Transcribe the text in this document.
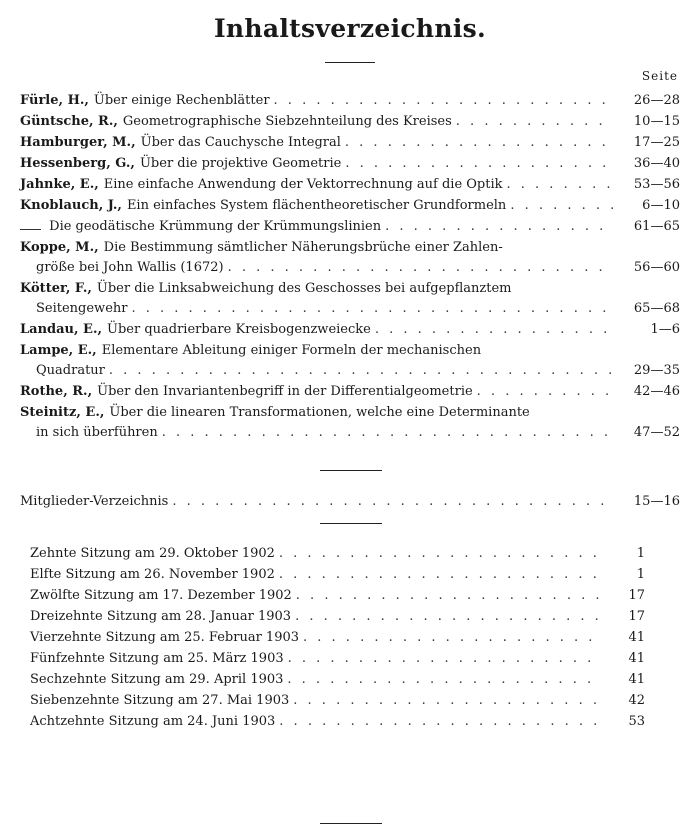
Inhaltsverzeichnis.
Seite
Fürle, H., Über einige Rechenblätter . . .	26—28
Güntsche, R., Geometrographische Siebzehnteilung des Kreises . . .	10—15
Hamburger, M., Über das Cauchysche Integral . . .	17—25
Hessenberg, G., Über die projektive Geometrie . . .	36—40
Jahnke, E., Eine einfache Anwendung der Vektorrechnung auf die Optik . . .	53—56
Knoblauch, J., Ein einfaches System flächentheoretischer Grundformeln . . .	6—10
Die geodätische Krümmung der Krümmungslinien . . .	61—65
Koppe, M., Die Bestimmung sämtlicher Näherungsbrüche einer Zahlen-
größe bei John Wallis (1672) . . .	56—60
Kötter, F., Über die Linksabweichung des Geschosses bei aufgepflanztem
Seitengewehr . . .	65—68
Landau, E., Über quadrierbare Kreisbogenzweiecke . . .	1—6
Lampe, E., Elementare Ableitung einiger Formeln der mechanischen
Quadratur . . .	29—35
Rothe, R., Über den Invariantenbegriff in der Differentialgeometrie . . .	42—46
Steinitz, E., Über die linearen Transformationen, welche eine Determinante
in sich überführen . . .	47—52
Mitglieder-Verzeichnis . . .	15—16
Zehnte Sitzung am 29. Oktober 1902 . . .	1
Elfte Sitzung am 26. November 1902 . . .	1
Zwölfte Sitzung am 17. Dezember 1902 . . .	17
Dreizehnte Sitzung am 28. Januar 1903 . . .	17
Vierzehnte Sitzung am 25. Februar 1903 . . .	41
Fünfzehnte Sitzung am 25. März 1903 . . .	41
Sechzehnte Sitzung am 29. April 1903 . . .	41
Siebenzehnte Sitzung am 27. Mai 1903 . . .	42
Achtzehnte Sitzung am 24. Juni 1903 . . .	53
